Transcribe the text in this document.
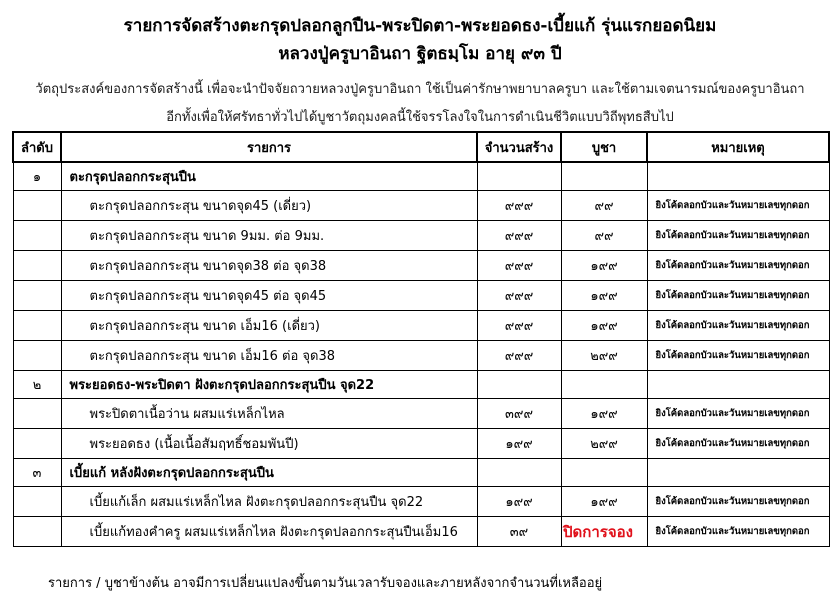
รายการจัดสร้างตะกรุดปลอกลูกปืน-พระปิดตา-พระยอดธง-เบี้ยแก้ รุ่นแรกยอดนิยม
หลวงปู่ครูบาอินถา ฐิตธมฺโม อายุ ๙๓ ปี
วัตถุประสงค์ของการจัดสร้างนี้ เพื่อจะนำปัจจัยถวายหลวงปู่ครูบาอินถา ใช้เป็นค่ารักษาพยาบาลครูบา และใช้ตามเจตนารมณ์ของครูบาอินถา
อีกทั้งเพื่อให้ศรัทธาทั่วไปได้บูชาวัตถุมงคลนี้ใช้จรรโลงใจในการดำเนินชีวิตแบบวิถีพุทธสืบไป
ลำดับ	รายการ	จำนวนสร้าง	บูชา	หมายเหตุ
๑	ตะกรุดปลอกกระสุนปืน			
	ตะกรุดปลอกกระสุน ขนาดจุด45 (เดี่ยว)	๙๙๙	๙๙	ยิงโค้ดลอกบัวและวันหมายเลขทุกดอก
	ตะกรุดปลอกกระสุน ขนาด 9มม. ต่อ 9มม.	๙๙๙	๙๙	ยิงโค้ดลอกบัวและวันหมายเลขทุกดอก
	ตะกรุดปลอกกระสุน ขนาดจุด38 ต่อ จุด38	๙๙๙	๑๙๙	ยิงโค้ดลอกบัวและวันหมายเลขทุกดอก
	ตะกรุดปลอกกระสุน ขนาดจุด45 ต่อ จุด45	๙๙๙	๑๙๙	ยิงโค้ดลอกบัวและวันหมายเลขทุกดอก
	ตะกรุดปลอกกระสุน ขนาด เอ็ม16 (เดี่ยว)	๙๙๙	๑๙๙	ยิงโค้ดลอกบัวและวันหมายเลขทุกดอก
	ตะกรุดปลอกกระสุน ขนาด เอ็ม16 ต่อ จุด38	๙๙๙	๒๙๙	ยิงโค้ดลอกบัวและวันหมายเลขทุกดอก
๒	พระยอดธง-พระปิดตา ฝังตะกรุดปลอกกระสุนปืน จุด22			
	พระปิดตาเนื้อว่าน ผสมแร่เหล็กไหล	๓๙๙	๑๙๙	ยิงโค้ดลอกบัวและวันหมายเลขทุกดอก
	พระยอดธง (เนื้อเนื้อสัมฤทธิ์ชอมพันปี)	๑๙๙	๒๙๙	ยิงโค้ดลอกบัวและวันหมายเลขทุกดอก
๓	เบี้ยแก้ หลังฝังตะกรุดปลอกกระสุนปืน			
	เบี้ยแก้เล็ก ผสมแร่เหล็กไหล ฝังตะกรุดปลอกกระสุนปืน จุด22	๑๙๙	๑๙๙	ยิงโค้ดลอกบัวและวันหมายเลขทุกดอก
	เบี้ยแก้ทองคำครู ผสมแร่เหล็กไหล ฝังตะกรุดปลอกกระสุนปืนเอ็ม16	๓๙	ปิดการจอง	ยิงโค้ดลอกบัวและวันหมายเลขทุกดอก
รายการ / บูชาข้างต้น อาจมีการเปลี่ยนแปลงขึ้นตามวันเวลารับจองและภายหลังจากจำนวนที่เหลืออยู่
